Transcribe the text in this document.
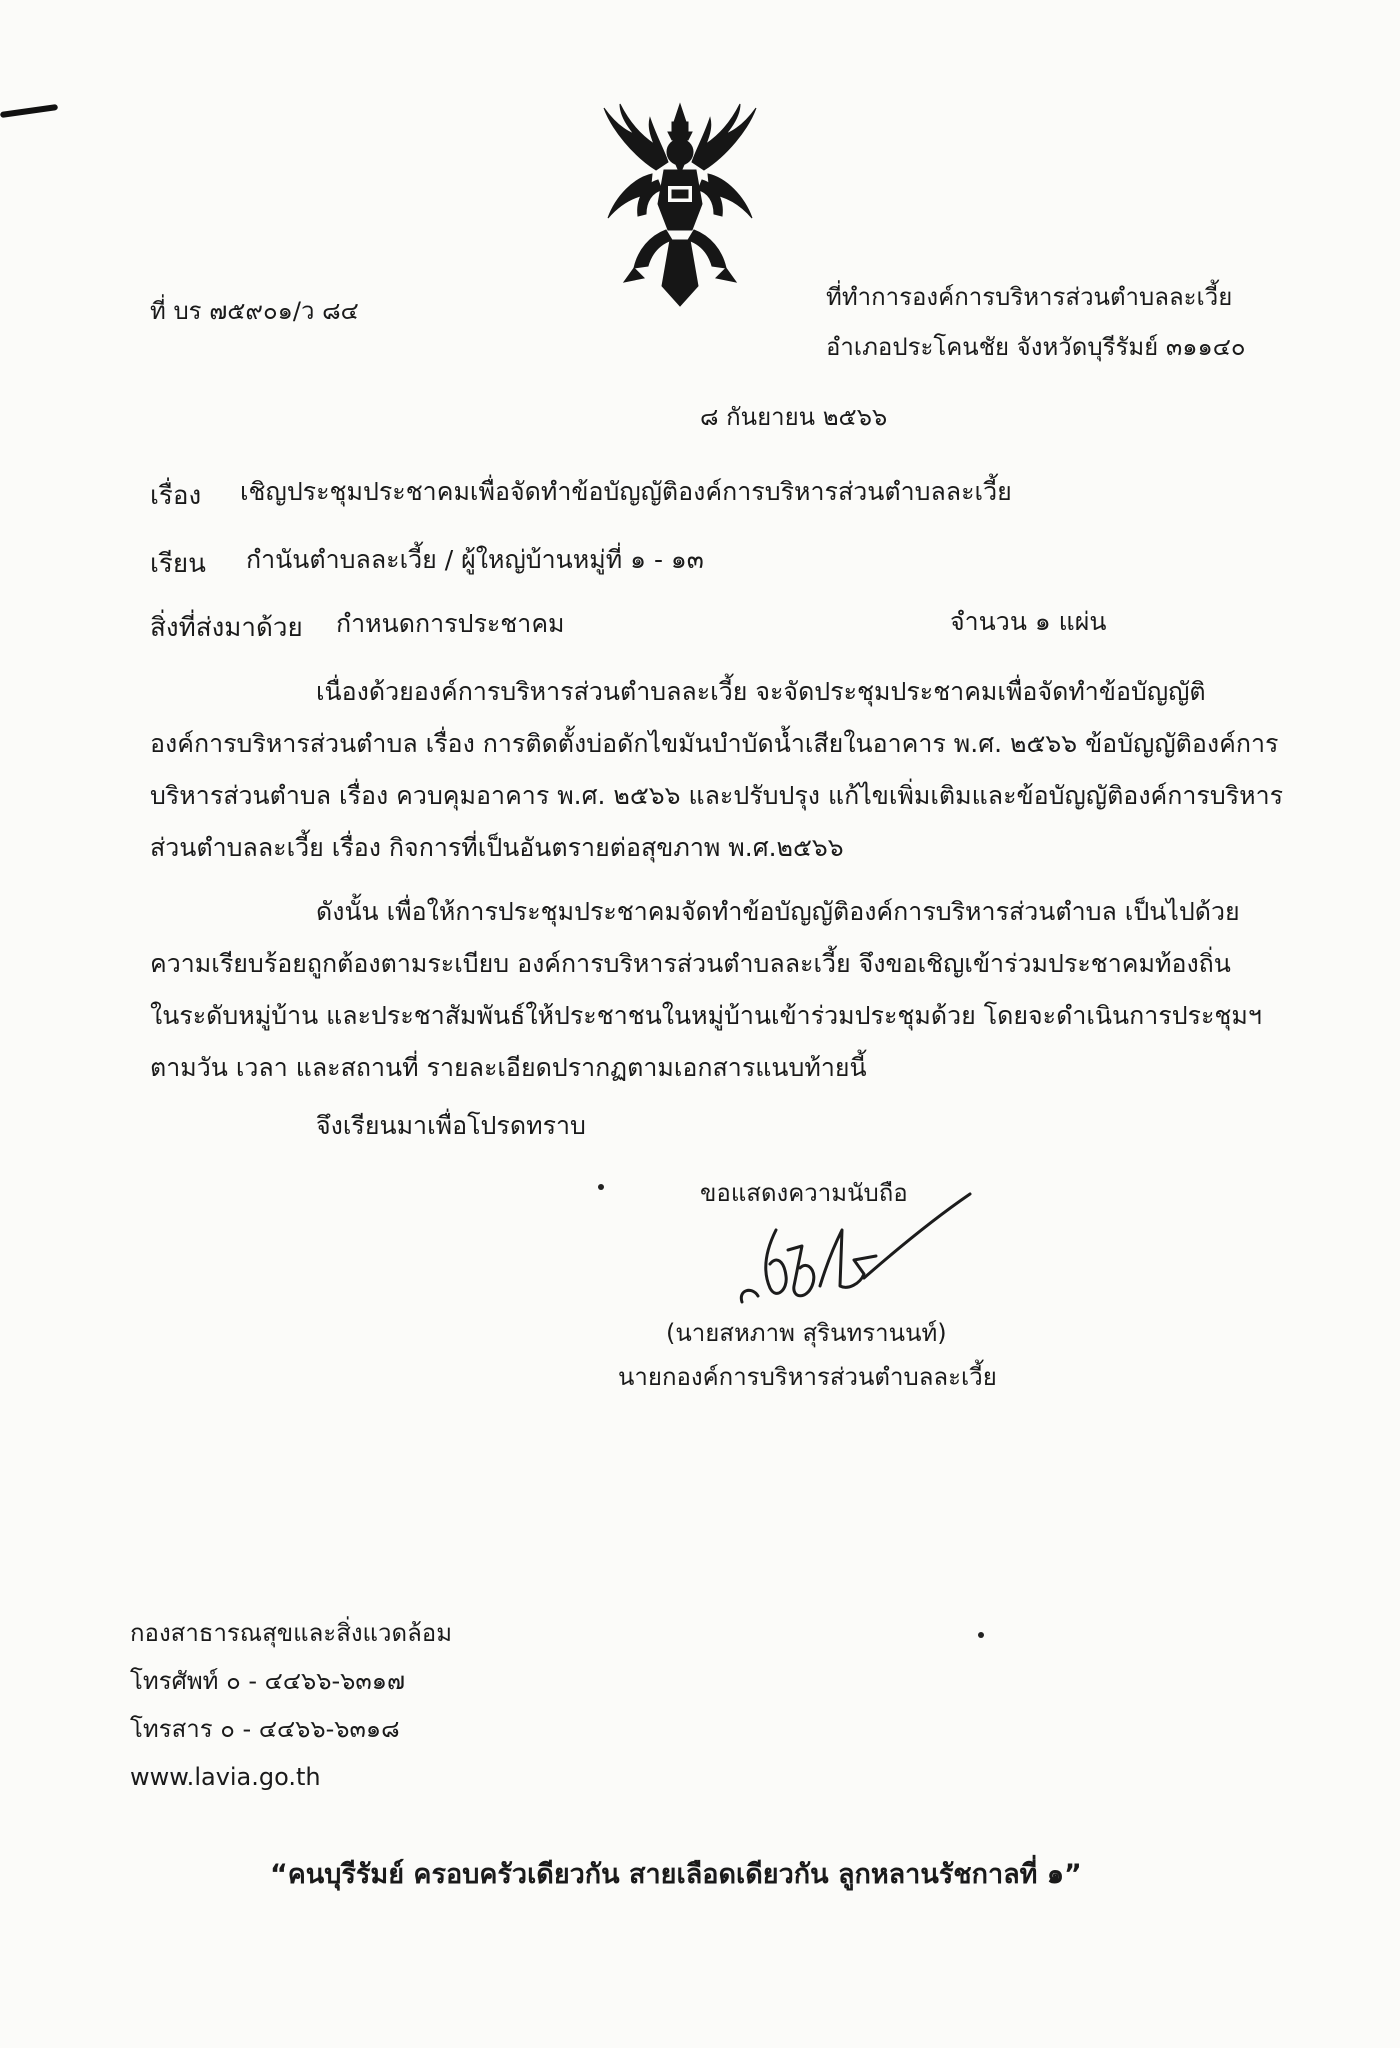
ที่ บร ๗๕๙๐๑/ว ๘๔	ที่ทำการองค์การบริหารส่วนตำบลละเวี้ย
อำเภอประโคนชัย จังหวัดบุรีรัมย์ ๓๑๑๔๐
๘ กันยายน ๒๕๖๖
เรื่อง เชิญประชุมประชาคมเพื่อจัดทำข้อบัญญัติองค์การบริหารส่วนตำบลละเวี้ย
เรียน กำนันตำบลละเวี้ย / ผู้ใหญ่บ้านหมู่ที่ ๑ - ๑๓
สิ่งที่ส่งมาด้วย กำหนดการประชาคม	จำนวน ๑ แผ่น
เนื่องด้วยองค์การบริหารส่วนตำบลละเวี้ย จะจัดประชุมประชาคมเพื่อจัดทำข้อบัญญัติ
องค์การบริหารส่วนตำบล เรื่อง การติดตั้งบ่อดักไขมันบำบัดน้ำเสียในอาคาร พ.ศ. ๒๕๖๖ ข้อบัญญัติองค์การ
บริหารส่วนตำบล เรื่อง ควบคุมอาคาร พ.ศ. ๒๕๖๖ และปรับปรุง แก้ไขเพิ่มเติมและข้อบัญญัติองค์การบริหาร
ส่วนตำบลละเวี้ย เรื่อง กิจการที่เป็นอันตรายต่อสุขภาพ พ.ศ.๒๕๖๖
ดังนั้น เพื่อให้การประชุมประชาคมจัดทำข้อบัญญัติองค์การบริหารส่วนตำบล เป็นไปด้วย
ความเรียบร้อยถูกต้องตามระเบียบ องค์การบริหารส่วนตำบลละเวี้ย จึงขอเชิญเข้าร่วมประชาคมท้องถิ่น
ในระดับหมู่บ้าน และประชาสัมพันธ์ให้ประชาชนในหมู่บ้านเข้าร่วมประชุมด้วย โดยจะดำเนินการประชุมฯ
ตามวัน เวลา และสถานที่ รายละเอียดปรากฏตามเอกสารแนบท้ายนี้
จึงเรียนมาเพื่อโปรดทราบ
ขอแสดงความนับถือ
(นายสหภาพ สุรินทรานนท์)
นายกองค์การบริหารส่วนตำบลละเวี้ย
กองสาธารณสุขและสิ่งแวดล้อม
โทรศัพท์ ๐ - ๔๔๖๖-๖๓๑๗
โทรสาร ๐ - ๔๔๖๖-๖๓๑๘
www.lavia.go.th
“คนบุรีรัมย์ ครอบครัวเดียวกัน สายเลือดเดียวกัน ลูกหลานรัชกาลที่ ๑”
